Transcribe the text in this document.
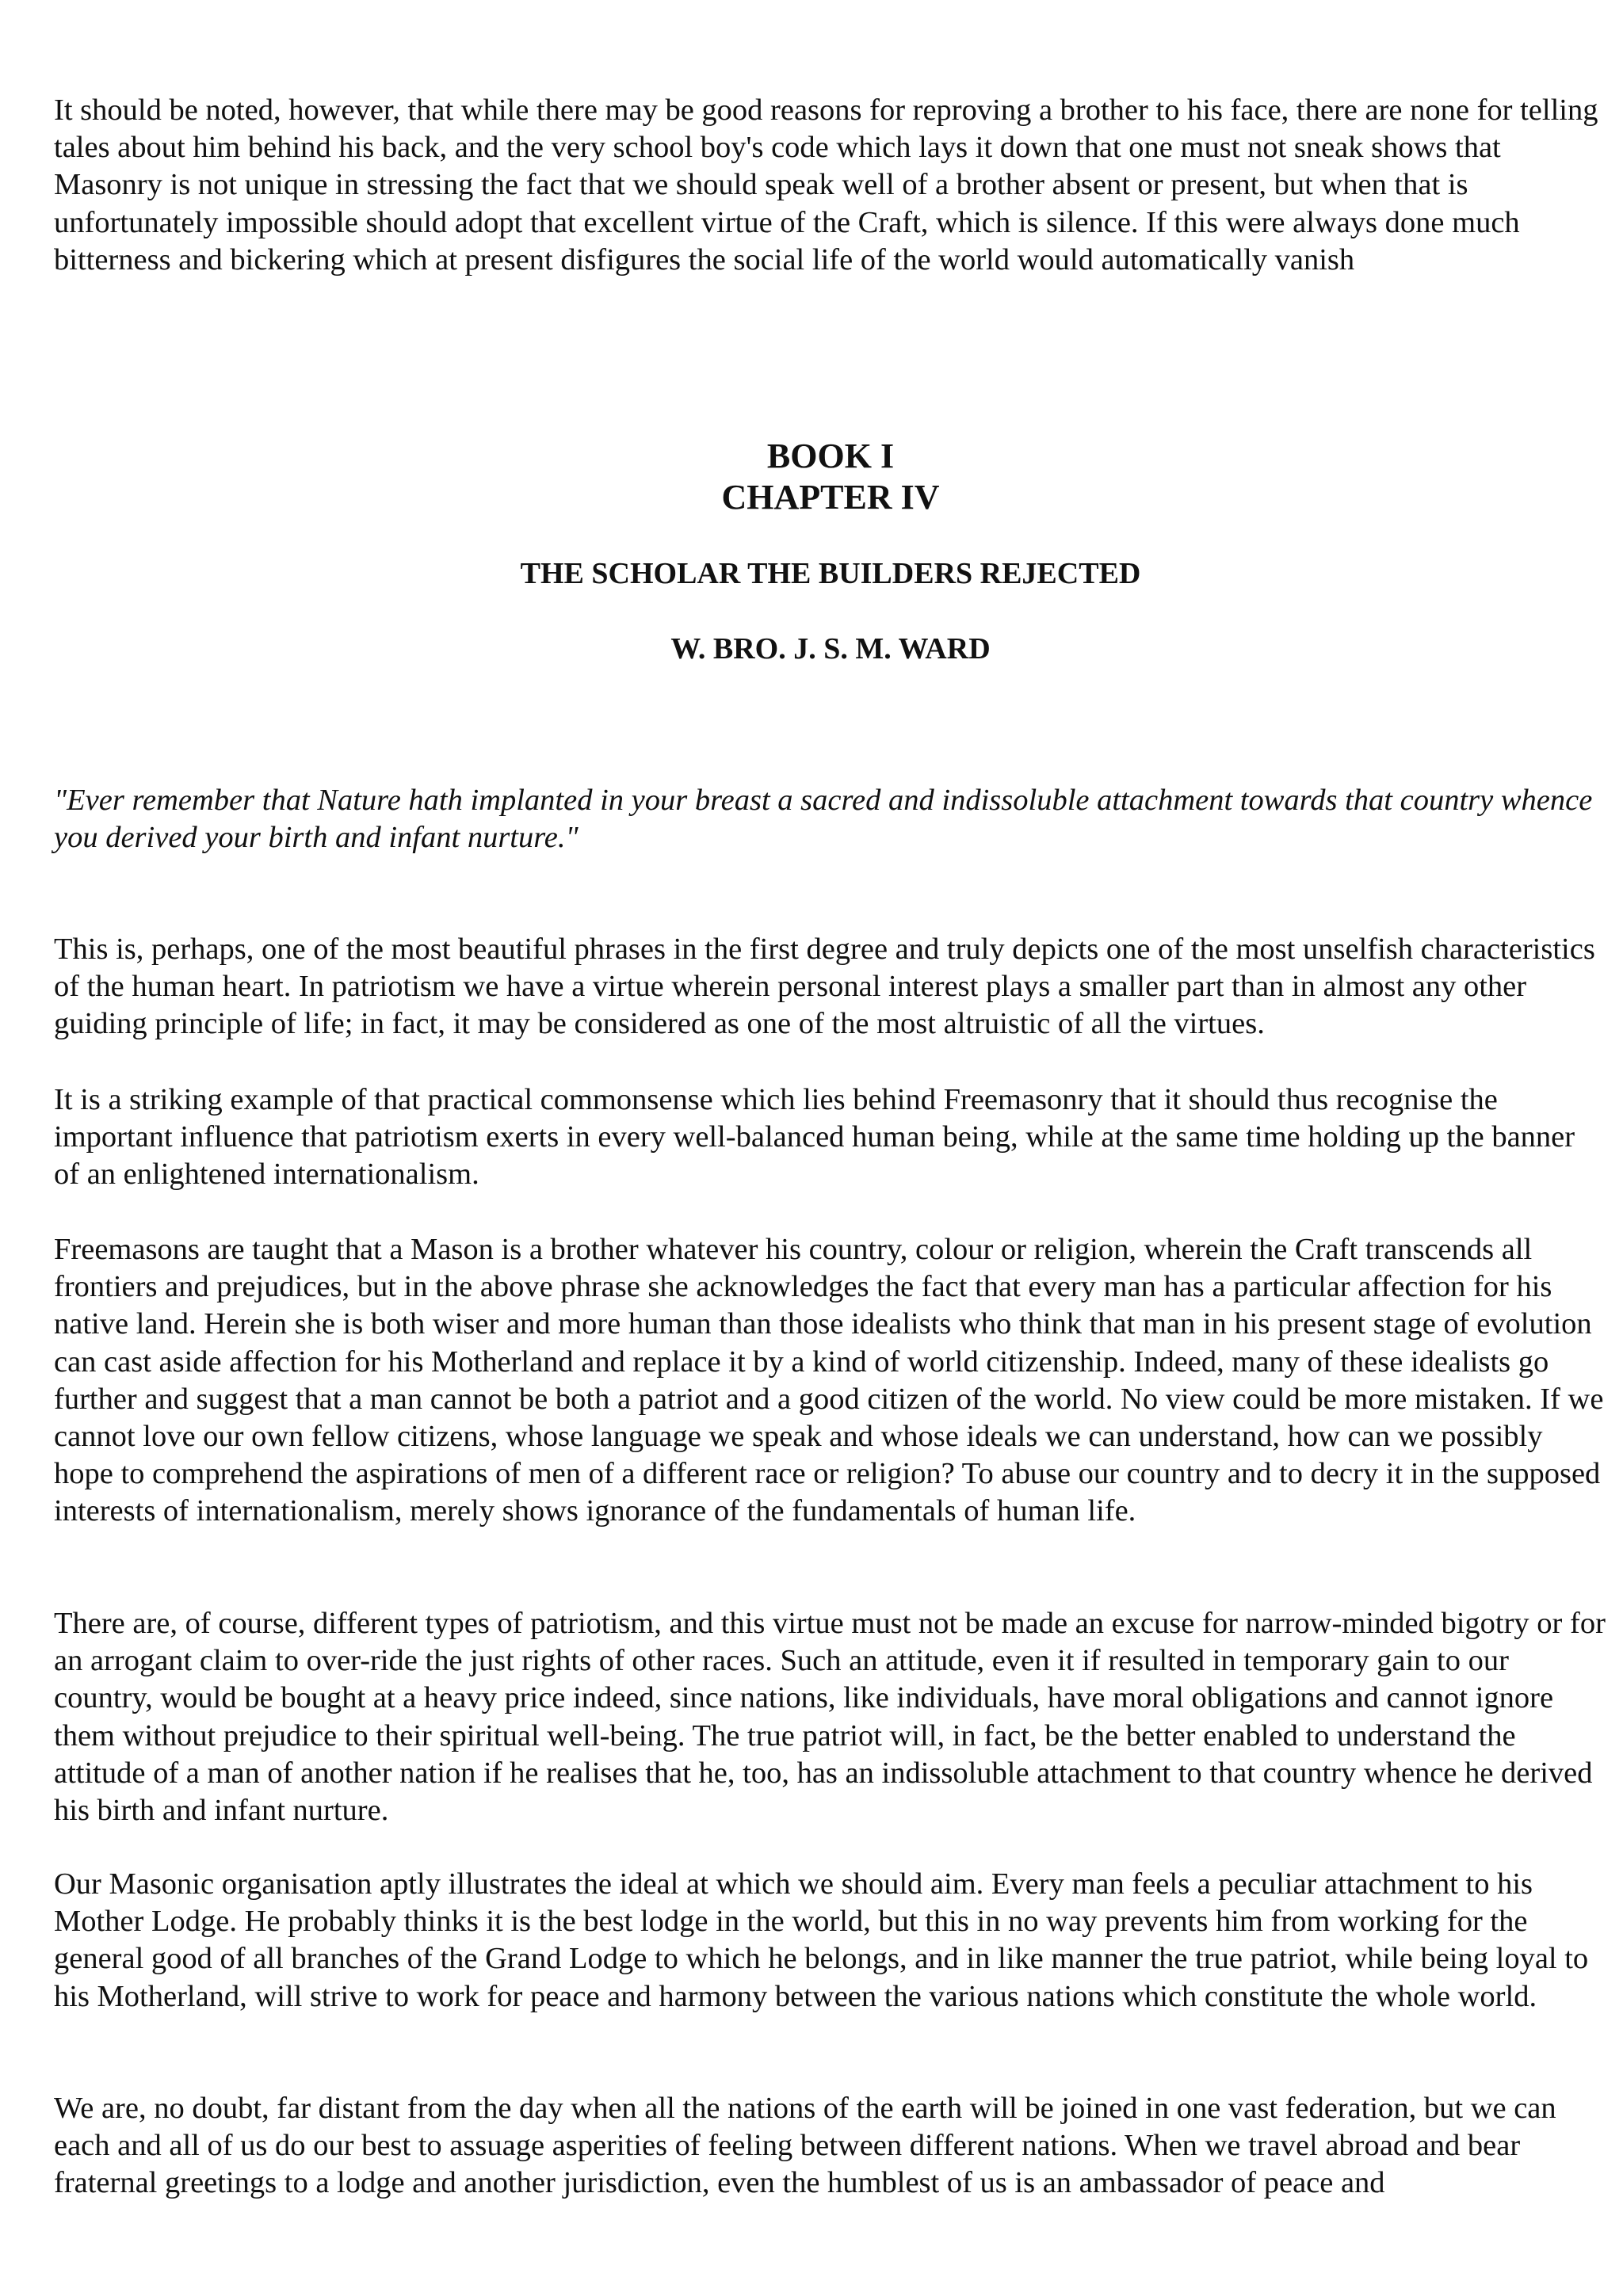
It should be noted, however, that while there may be good reasons for reproving a brother to his face, there are none for telling tales about him behind his back, and the very school boy's code which lays it down that one must not sneak shows that Masonry is not unique in stressing the fact that we should speak well of a brother absent or present, but when that is unfortunately impossible should adopt that excellent virtue of the Craft, which is silence. If this were always done much bitterness and bickering which at present disfigures the social life of the world would automatically vanish

BOOK I
CHAPTER IV
THE SCHOLAR THE BUILDERS REJECTED
W. BRO. J. S. M. WARD

"Ever remember that Nature hath implanted in your breast a sacred and indissoluble attachment towards that country whence you derived your birth and infant nurture."

This is, perhaps, one of the most beautiful phrases in the first degree and truly depicts one of the most unselfish characteristics of the human heart. In patriotism we have a virtue wherein personal interest plays a smaller part than in almost any other guiding principle of life; in fact, it may be considered as one of the most altruistic of all the virtues.

It is a striking example of that practical commonsense which lies behind Freemasonry that it should thus recognise the important influence that patriotism exerts in every well-balanced human being, while at the same time holding up the banner of an enlightened internationalism.

Freemasons are taught that a Mason is a brother whatever his country, colour or religion, wherein the Craft transcends all frontiers and prejudices, but in the above phrase she acknowledges the fact that every man has a particular affection for his native land. Herein she is both wiser and more human than those idealists who think that man in his present stage of evolution can cast aside affection for his Motherland and replace it by a kind of world citizenship. Indeed, many of these idealists go further and suggest that a man cannot be both a patriot and a good citizen of the world. No view could be more mistaken. If we cannot love our own fellow citizens, whose language we speak and whose ideals we can understand, how can we possibly hope to comprehend the aspirations of men of a different race or religion? To abuse our country and to decry it in the supposed interests of internationalism, merely shows ignorance of the fundamentals of human life.

There are, of course, different types of patriotism, and this virtue must not be made an excuse for narrow-minded bigotry or for an arrogant claim to over-ride the just rights of other races. Such an attitude, even it if resulted in temporary gain to our country, would be bought at a heavy price indeed, since nations, like individuals, have moral obligations and cannot ignore them without prejudice to their spiritual well-being. The true patriot will, in fact, be the better enabled to understand the attitude of a man of another nation if he realises that he, too, has an indissoluble attachment to that country whence he derived his birth and infant nurture.

Our Masonic organisation aptly illustrates the ideal at which we should aim. Every man feels a peculiar attachment to his Mother Lodge. He probably thinks it is the best lodge in the world, but this in no way prevents him from working for the general good of all branches of the Grand Lodge to which he belongs, and in like manner the true patriot, while being loyal to his Motherland, will strive to work for peace and harmony between the various nations which constitute the whole world.

We are, no doubt, far distant from the day when all the nations of the earth will be joined in one vast federation, but we can each and all of us do our best to assuage asperities of feeling between different nations. When we travel abroad and bear fraternal greetings to a lodge and another jurisdiction, even the humblest of us is an ambassador of peace and
